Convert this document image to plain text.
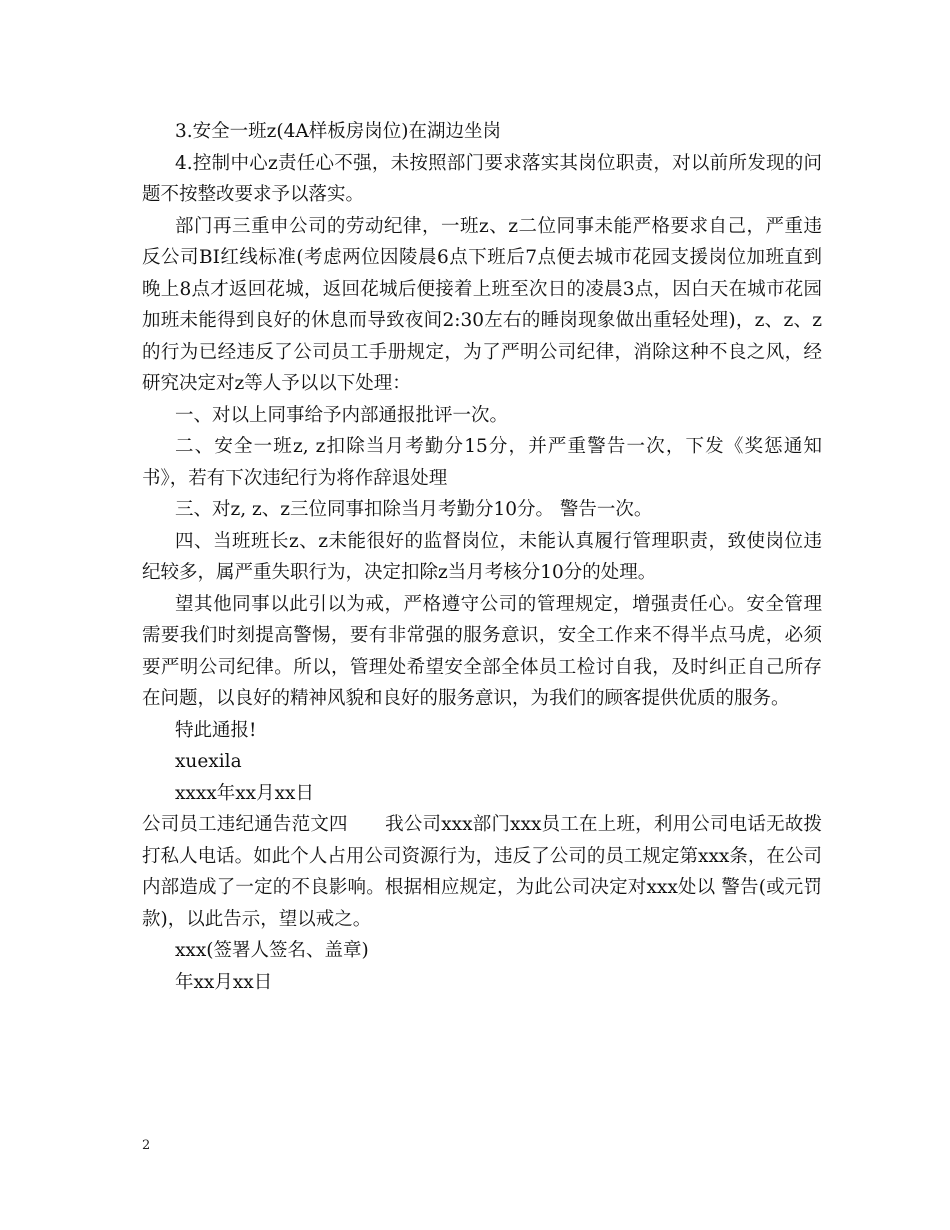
3.安全一班z(4A样板房岗位)在湖边坐岗

4.控制中心z责任心不强，未按照部门要求落实其岗位职责，对以前所发现的问题不按整改要求予以落实。

部门再三重申公司的劳动纪律，一班z、z二位同事未能严格要求自己，严重违反公司BI红线标准(考虑两位因陵晨6点下班后7点便去城市花园支援岗位加班直到晚上8点才返回花城，返回花城后便接着上班至次日的凌晨3点，因白天在城市花园加班未能得到良好的休息而导致夜间2:30左右的睡岗现象做出重轻处理)，z、z、z的行为已经违反了公司员工手册规定，为了严明公司纪律，消除这种不良之风，经研究决定对z等人予以以下处理：

一、对以上同事给予内部通报批评一次。

二、安全一班z, z扣除当月考勤分15分，并严重警告一次，下发《奖惩通知书》，若有下次违纪行为将作辞退处理

三、对z, z、z三位同事扣除当月考勤分10分。 警告一次。

四、当班班长z、z未能很好的监督岗位，未能认真履行管理职责，致使岗位违纪较多，属严重失职行为，决定扣除z当月考核分10分的处理。

望其他同事以此引以为戒，严格遵守公司的管理规定，增强责任心。安全管理需要我们时刻提高警惕，要有非常强的服务意识，安全工作来不得半点马虎，必须要严明公司纪律。所以，管理处希望安全部全体员工检讨自我，及时纠正自己所存在问题，以良好的精神风貌和良好的服务意识，为我们的顾客提供优质的服务。

特此通报!

xuexila

xxxx年xx月xx日

公司员工违纪通告范文四　　我公司xxx部门xxx员工在上班，利用公司电话无故拨打私人电话。如此个人占用公司资源行为，违反了公司的员工规定第xxx条，在公司内部造成了一定的不良影响。根据相应规定，为此公司决定对xxx处以 警告(或元罚款)，以此告示，望以戒之。

xxx(签署人签名、盖章)

年xx月xx日

2
